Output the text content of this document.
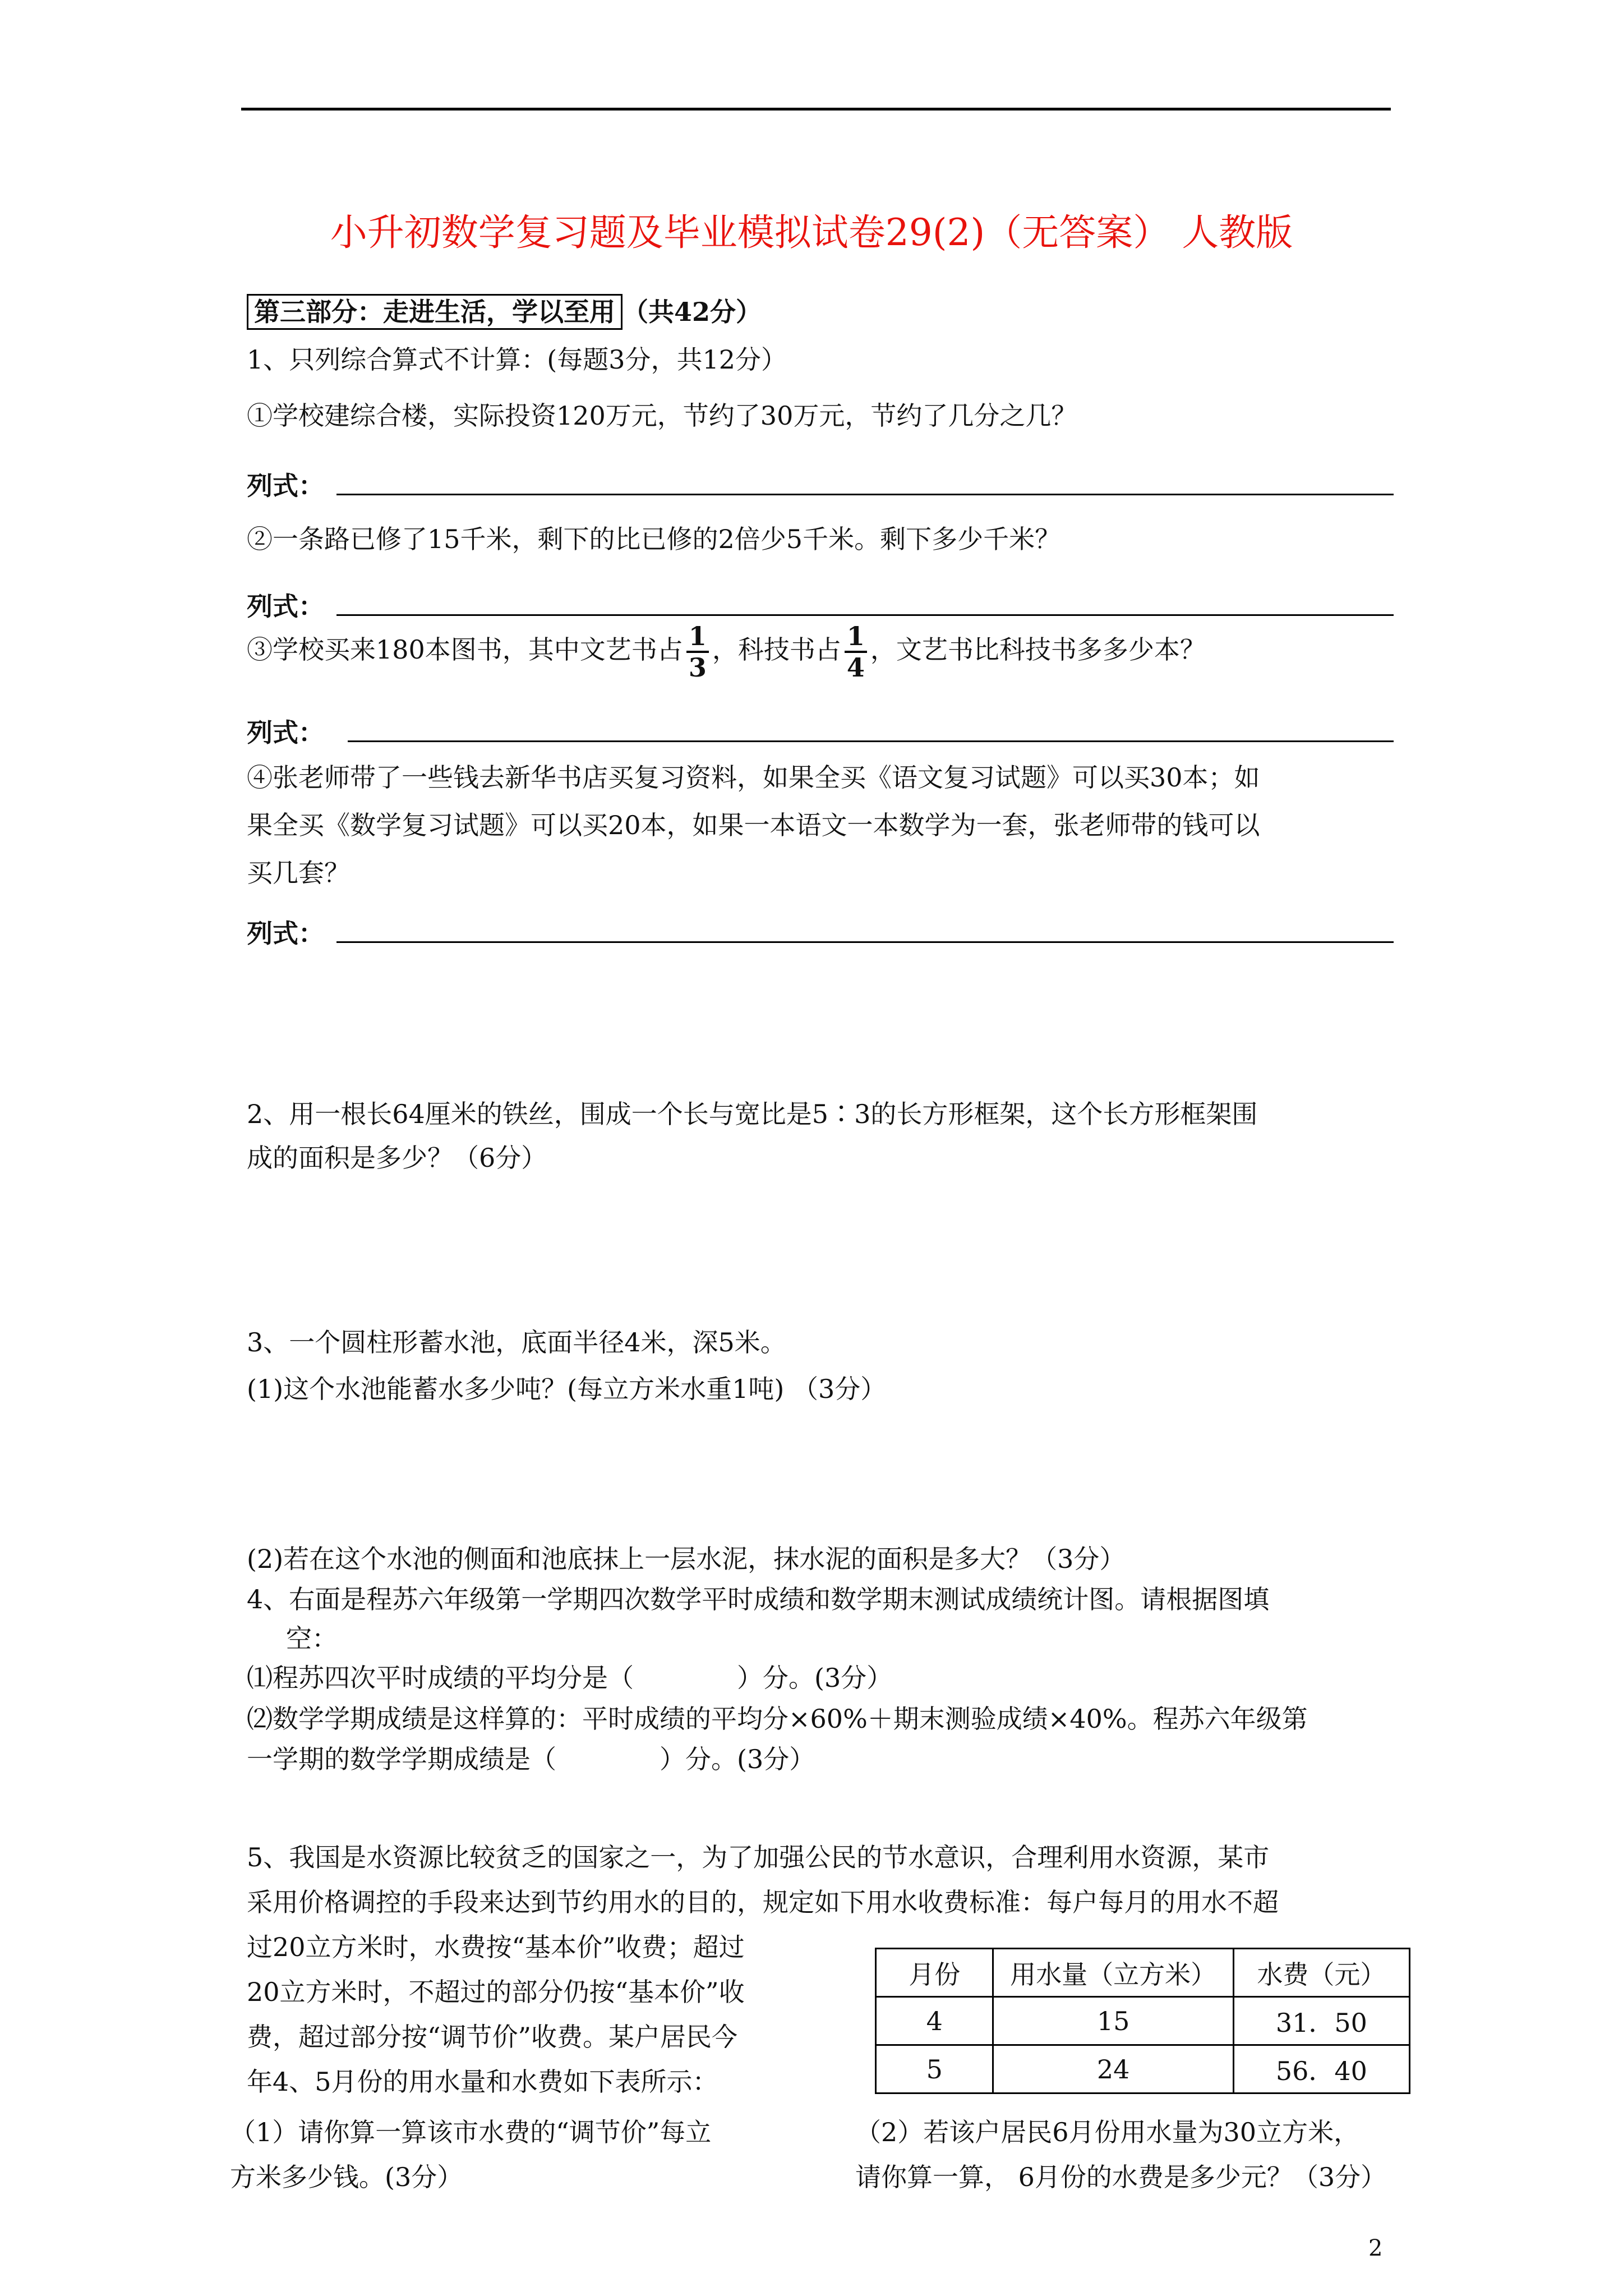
小升初数学复习题及毕业模拟试卷29(2)（无答案） 人教版
第三部分：走进生活，学以至用 （共42分）
1、只列综合算式不计算：(每题3分，共12分）
①学校建综合楼，实际投资120万元，节约了30万元，节约了几分之几？
列式：
②一条路已修了15千米，剩下的比已修的2倍少5千米。剩下多少千米？
列式：
③学校买来180本图书，其中文艺书占 $\frac{1}{3}$ ，科技书占 $\frac{1}{4}$ ，文艺书比科技书多多少本？
列式：
④张老师带了一些钱去新华书店买复习资料，如果全买《语文复习试题》可以买30本；如
果全买《数学复习试题》可以买20本，如果一本语文一本数学为一套，张老师带的钱可以
买几套？
列式：
2、用一根长64厘米的铁丝，围成一个长与宽比是5∶3的长方形框架，这个长方形框架围
成的面积是多少？（6分）
3、一个圆柱形蓄水池，底面半径4米，深5米。
(1)这个水池能蓄水多少吨？(每立方米水重1吨) （3分）
(2)若在这个水池的侧面和池底抹上一层水泥，抹水泥的面积是多大？（3分）
4、右面是程苏六年级第一学期四次数学平时成绩和数学期末测试成绩统计图。请根据图填
空：
⑴程苏四次平时成绩的平均分是（　　　　）分。(3分）
⑵数学学期成绩是这样算的：平时成绩的平均分×60%＋期末测验成绩×40%。程苏六年级第
一学期的数学学期成绩是（　　　　）分。(3分）
5、我国是水资源比较贫乏的国家之一，为了加强公民的节水意识，合理利用水资源，某市
采用价格调控的手段来达到节约用水的目的，规定如下用水收费标准：每户每月的用水不超
过20立方米时，水费按“基本价”收费；超过
20立方米时，不超过的部分仍按“基本价”收
费，超过部分按“调节价”收费。某户居民今
年4、5月份的用水量和水费如下表所示：
月份	用水量（立方米）	水费（元）
4	15	31．50
5	24	56．40
（1）请你算一算该市水费的“调节价”每立
方米多少钱。(3分）
（2）若该户居民6月份用水量为30立方米，
请你算一算， 6月份的水费是多少元？（3分）
2
